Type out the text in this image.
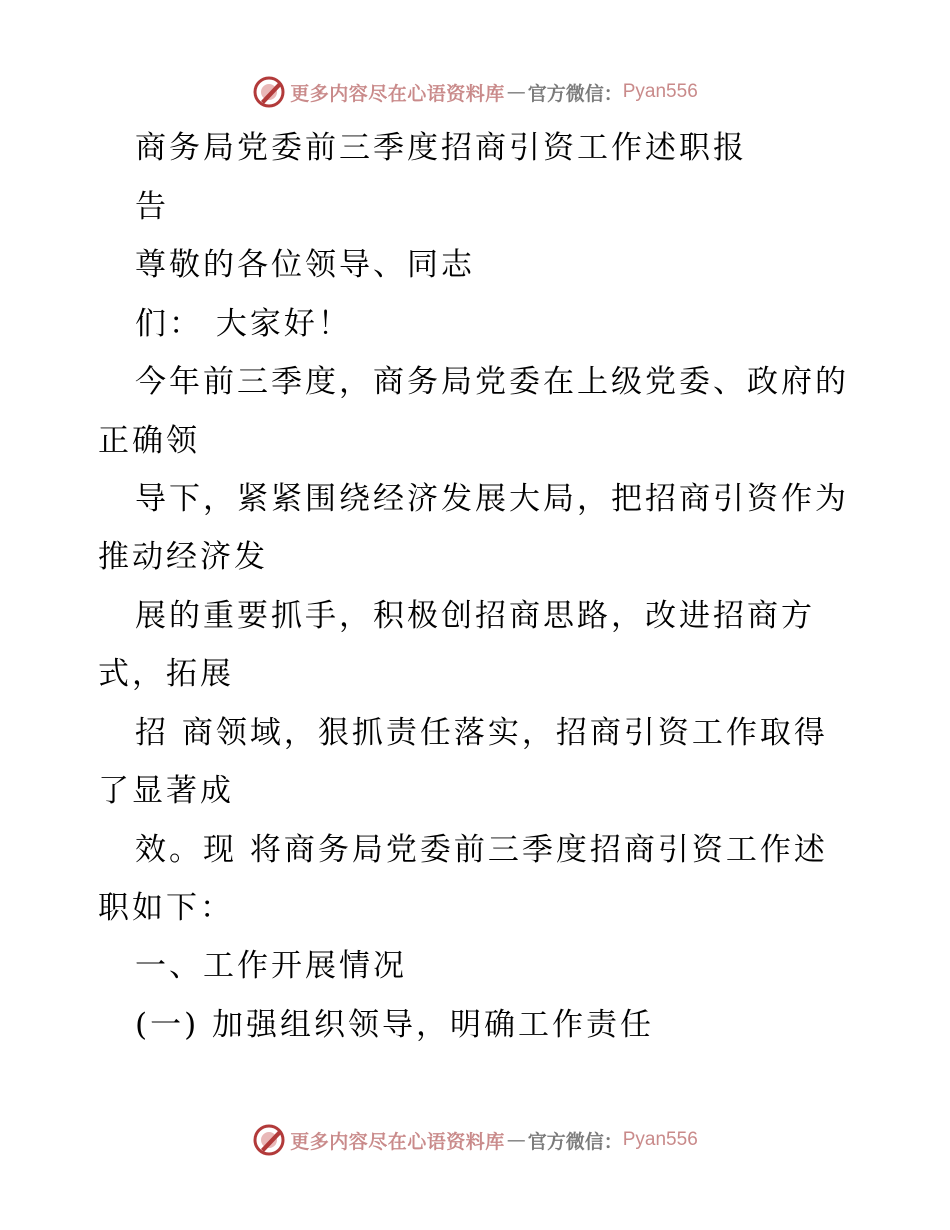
更多内容尽在心语资料库 — 官方微信： Pyan556
商务局党委前三季度招商引资工作述职报
告
尊敬的各位领导、同志
们： 大家好！
今年前三季度，商务局党委在上级党委、政府的
正确领
导下，紧紧围绕经济发展大局，把招商引资作为
推动经济发
展的重要抓手，积极创招商思路，改进招商方
式，拓展
招 商领域，狠抓责任落实，招商引资工作取得
了显著成
效。现 将商务局党委前三季度招商引资工作述
职如下：
一、工作开展情况
(一) 加强组织领导，明确工作责任
更多内容尽在心语资料库 — 官方微信： Pyan556
